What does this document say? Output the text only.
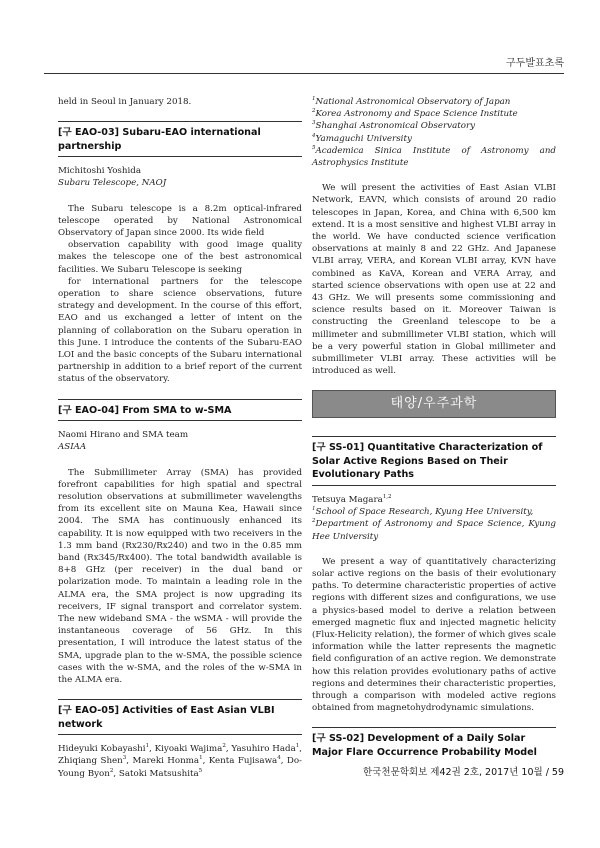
구두발표초록

held in Seoul in January 2018.

[구 EAO-03] Subaru-EAO international partnership

Michitoshi Yoshida

Subaru Telescope, NAOJ

The Subaru telescope is a 8.2m optical-infrared telescope operated by National Astronomical Observatory of Japan since 2000. Its wide field

observation capability with good image quality makes the telescope one of the best astronomical facilities. We Subaru Telescope is seeking

for international partners for the telescope operation to share science observations, future strategy and development. In the course of this effort, EAO and us exchanged a letter of intent on the planning of collaboration on the Subaru operation in this June. I introduce the contents of the Subaru-EAO LOI and the basic concepts of the Subaru international partnership in addition to a brief report of the current status of the observatory.

[구 EAO-04] From SMA to w-SMA

Naomi Hirano and SMA team

ASIAA

The Submillimeter Array (SMA) has provided forefront capabilities for high spatial and spectral resolution observations at submillimeter wavelengths from its excellent site on Mauna Kea, Hawaii since 2004. The SMA has continuously enhanced its capability. It is now equipped with two receivers in the 1.3 mm band (Rx230/Rx240) and two in the 0.85 mm band (Rx345/Rx400). The total bandwidth available is 8+8 GHz (per receiver) in the dual band or polarization mode. To maintain a leading role in the ALMA era, the SMA project is now upgrading its receivers, IF signal transport and correlator system. The new wideband SMA - the wSMA - will provide the instantaneous coverage of 56 GHz. In this presentation, I will introduce the latest status of the SMA, upgrade plan to the w-SMA, the possible science cases with the w-SMA, and the roles of the w-SMA in the ALMA era.

[구 EAO-05] Activities of East Asian VLBI network

Hideyuki Kobayashi$^1$, Kiyoaki Wajima$^2$, Yasuhiro Hada$^1$, Zhiqiang Shen$^3$, Mareki Honma$^1$, Kenta Fujisawa$^4$, Do-Young Byon$^2$, Satoki Matsushita$^5$

$^1$National Astronomical Observatory of Japan

$^2$Korea Astronomy and Space Science Institute

$^3$Shanghai Astronomical Observatory

$^4$Yamaguchi University

$^5$Academica Sinica Institute of Astronomy and Astrophysics Institute

We will present the activities of East Asian VLBI Network, EAVN, which consists of around 20 radio telescopes in Japan, Korea, and China with 6,500 km extend. It is a most sensitive and highest VLBI array in the world. We have conducted science verification observations at mainly 8 and 22 GHz. And Japanese VLBI array, VERA, and Korean VLBI array, KVN have combined as KaVA, Korean and VERA Array, and started science observations with open use at 22 and 43 GHz. We will presents some commissioning and science results based on it. Moreover Taiwan is constructing the Greenland telescope to be a millimeter and submillimeter VLBI station, which will be a very powerful station in Global millimeter and submillimeter VLBI array. These activities will be introduced as well.

태양/우주과학
[구 SS-01] Quantitative Characterization of Solar Active Regions Based on Their Evolutionary Paths

Tetsuya Magara$^{1,2}$

$^1$School of Space Research, Kyung Hee University,

$^2$Department of Astronomy and Space Science, Kyung Hee University

We present a way of quantitatively characterizing solar active regions on the basis of their evolutionary paths. To determine characteristic properties of active regions with different sizes and configurations, we use a physics-based model to derive a relation between emerged magnetic flux and injected magnetic helicity (Flux-Helicity relation), the former of which gives scale information while the latter represents the magnetic field configuration of an active region. We demonstrate how this relation provides evolutionary paths of active regions and determines their characteristic properties, through a comparison with modeled active regions obtained from magnetohydrodynamic simulations.

[구 SS-02] Development of a Daily Solar Major Flare Occurrence Probability Model
한국천문학회보 제42권 2호, 2017년 10월 / 59
